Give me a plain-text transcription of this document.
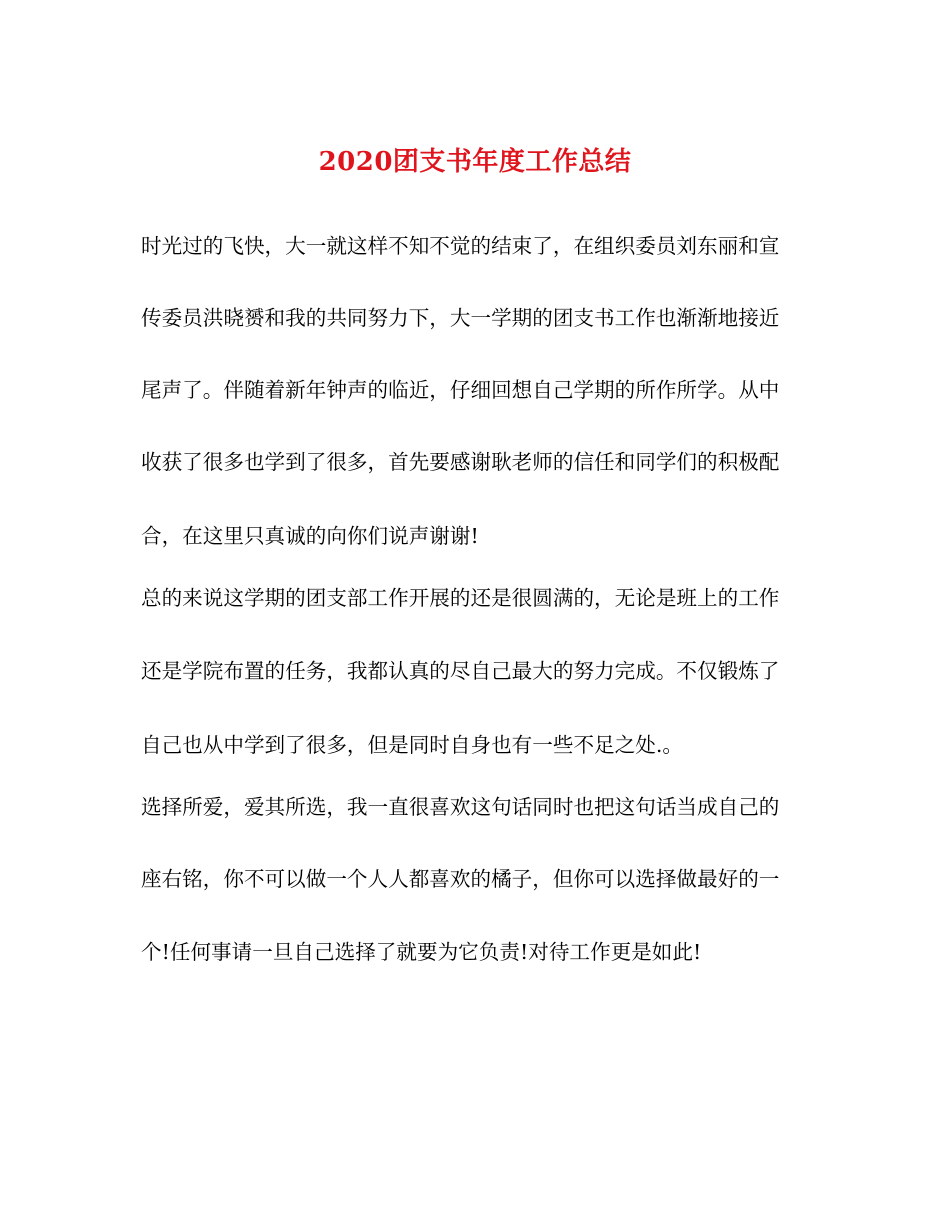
2020团支书年度工作总结

时光过的飞快，大一就这样不知不觉的结束了，在组织委员刘东丽和宣

传委员洪晓赟和我的共同努力下，大一学期的团支书工作也渐渐地接近

尾声了。伴随着新年钟声的临近，仔细回想自己学期的所作所学。从中

收获了很多也学到了很多，首先要感谢耿老师的信任和同学们的积极配

合，在这里只真诚的向你们说声谢谢!

总的来说这学期的团支部工作开展的还是很圆满的，无论是班上的工作

还是学院布置的任务，我都认真的尽自己最大的努力完成。不仅锻炼了

自己也从中学到了很多，但是同时自身也有一些不足之处.。

选择所爱，爱其所选，我一直很喜欢这句话同时也把这句话当成自己的

座右铭，你不可以做一个人人都喜欢的橘子，但你可以选择做最好的一

个!任何事请一旦自己选择了就要为它负责!对待工作更是如此!
